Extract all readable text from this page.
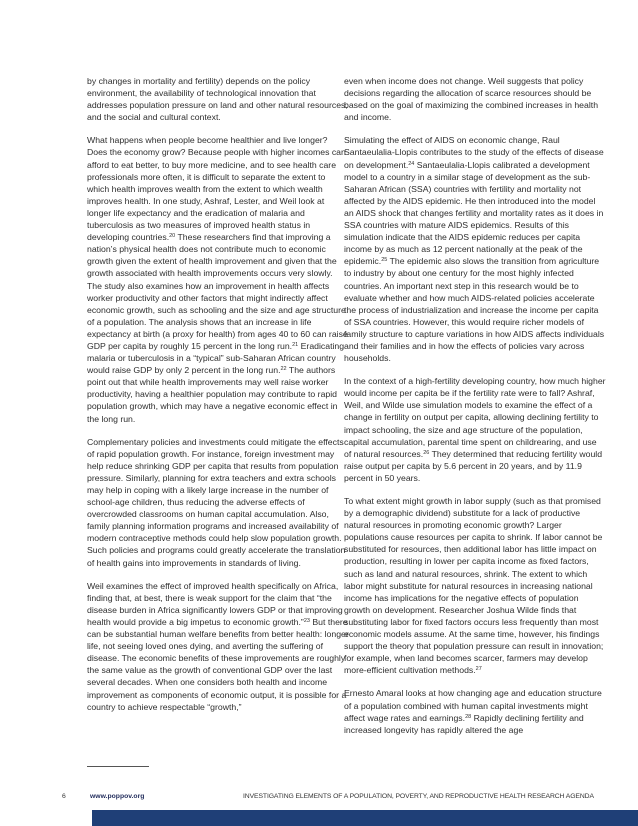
by changes in mortality and fertility) depends on the policy environment, the availability of technological innovation that addresses population pressure on land and other natural resources, and the social and cultural context.

What happens when people become healthier and live longer? Does the economy grow? Because people with higher incomes can afford to eat better, to buy more medicine, and to see health care professionals more often, it is difficult to separate the extent to which health improves wealth from the extent to which wealth improves health. In one study, Ashraf, Lester, and Weil look at longer life expectancy and the eradication of malaria and tuberculosis as two measures of improved health status in developing countries.$^{20}$ These researchers find that improving a nation’s physical health does not contribute much to economic growth given the extent of health improvement and given that the growth associated with health improvements occurs very slowly. The study also examines how an improvement in health affects worker productivity and other factors that might indirectly affect economic growth, such as schooling and the size and age structure of a population. The analysis shows that an increase in life expectancy at birth (a proxy for health) from ages 40 to 60 can raise GDP per capita by roughly 15 percent in the long run.$^{21}$ Eradicating malaria or tuberculosis in a “typical” sub-Saharan African country would raise GDP by only 2 percent in the long run.$^{22}$ The authors point out that while health improvements may well raise worker productivity, having a healthier population may contribute to rapid population growth, which may have a negative economic effect in the long run.

Complementary policies and investments could mitigate the effects of rapid population growth. For instance, foreign investment may help reduce shrinking GDP per capita that results from population pressure. Similarly, planning for extra teachers and extra schools may help in coping with a likely large increase in the number of school-age children, thus reducing the adverse effects of overcrowded classrooms on human capital accumulation. Also, family planning information programs and increased availability of modern contraceptive methods could help slow population growth. Such policies and programs could greatly accelerate the translation of health gains into improvements in standards of living.

Weil examines the effect of improved health specifically on Africa, finding that, at best, there is weak support for the claim that “the disease burden in Africa significantly lowers GDP or that improving health would provide a big impetus to economic growth.”$^{23}$ But there can be substantial human welfare benefits from better health: longer life, not seeing loved ones dying, and averting the suffering of disease. The economic benefits of these improvements are roughly the same value as the growth of conventional GDP over the last several decades. When one considers both health and income improvement as components of economic output, it is possible for a country to achieve respectable “growth,”

even when income does not change. Weil suggests that policy decisions regarding the allocation of scarce resources should be based on the goal of maximizing the combined increases in health and income.

Simulating the effect of AIDS on economic change, Raul Santaeulalia-Llopis contributes to the study of the effects of disease on development.$^{24}$ Santaeulalia-Llopis calibrated a development model to a country in a similar stage of development as the sub-Saharan African (SSA) countries with fertility and mortality not affected by the AIDS epidemic. He then introduced into the model an AIDS shock that changes fertility and mortality rates as it does in SSA countries with mature AIDS epidemics. Results of this simulation indicate that the AIDS epidemic reduces per capita income by as much as 12 percent nationally at the peak of the epidemic.$^{25}$ The epidemic also slows the transition from agriculture to industry by about one century for the most highly infected countries. An important next step in this research would be to evaluate whether and how much AIDS-related policies accelerate the process of industrialization and increase the income per capita of SSA countries. However, this would require richer models of family structure to capture variations in how AIDS affects individuals and their families and in how the effects of policies vary across households.

In the context of a high-fertility developing country, how much higher would income per capita be if the fertility rate were to fall? Ashraf, Weil, and Wilde use simulation models to examine the effect of a change in fertility on output per capita, allowing declining fertility to impact schooling, the size and age structure of the population, capital accumulation, parental time spent on childrearing, and use of natural resources.$^{26}$ They determined that reducing fertility would raise output per capita by 5.6 percent in 20 years, and by 11.9 percent in 50 years.

To what extent might growth in labor supply (such as that promised by a demographic dividend) substitute for a lack of productive natural resources in promoting economic growth? Larger populations cause resources per capita to shrink. If labor cannot be substituted for resources, then additional labor has little impact on production, resulting in lower per capita income as fixed factors, such as land and natural resources, shrink. The extent to which labor might substitute for natural resources in increasing national income has implications for the negative effects of population growth on development. Researcher Joshua Wilde finds that substituting labor for fixed factors occurs less frequently than most economic models assume. At the same time, however, his findings support the theory that population pressure can result in innovation; for example, when land becomes scarcer, farmers may develop more-efficient cultivation methods.$^{27}$

Ernesto Amaral looks at how changing age and education structure of a population combined with human capital investments might affect wage rates and earnings.$^{28}$ Rapidly declining fertility and increased longevity has rapidly altered the age

6	www.poppov.org	INVESTIGATING ELEMENTS OF A POPULATION, POVERTY, AND REPRODUCTIVE HEALTH RESEARCH AGENDA
